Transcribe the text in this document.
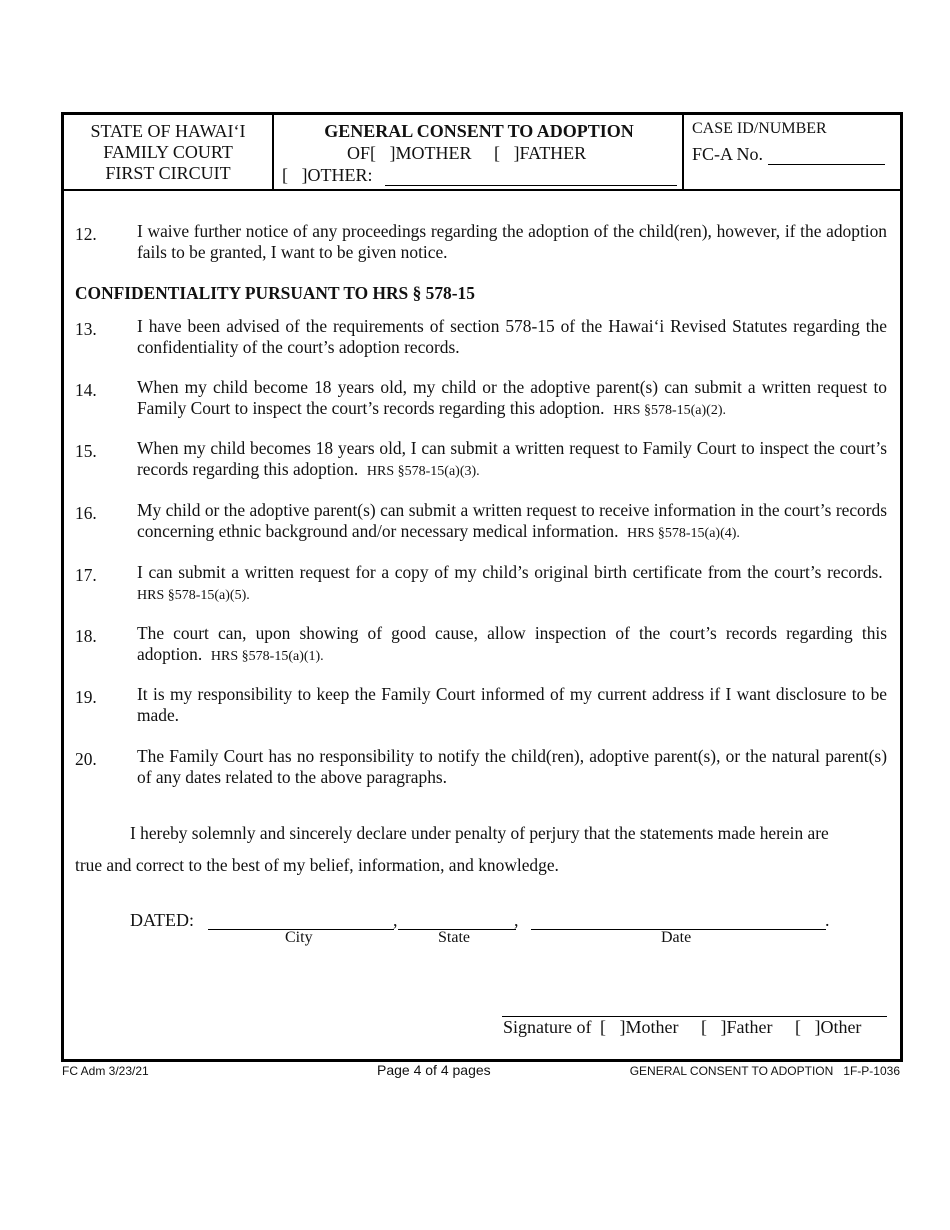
STATE OF HAWAI‘I
FAMILY COURT
FIRST CIRCUIT
GENERAL CONSENT TO ADOPTION
OF[ ]MOTHER [ ]FATHER
[ ]OTHER:
CASE ID/NUMBER
FC-A No.
12. I waive further notice of any proceedings regarding the adoption of the child(ren), however, if the adoption fails to be granted, I want to be given notice.
CONFIDENTIALITY PURSUANT TO HRS § 578-15
13. I have been advised of the requirements of section 578-15 of the Hawai‘i Revised Statutes regarding the confidentiality of the court’s adoption records.
14. When my child become 18 years old, my child or the adoptive parent(s) can submit a written request to Family Court to inspect the court’s records regarding this adoption. HRS §578-15(a)(2).
15. When my child becomes 18 years old, I can submit a written request to Family Court to inspect the court’s records regarding this adoption. HRS §578-15(a)(3).
16. My child or the adoptive parent(s) can submit a written request to receive information in the court’s records concerning ethnic background and/or necessary medical information. HRS §578-15(a)(4).
17. I can submit a written request for a copy of my child’s original birth certificate from the court’s records.  HRS §578-15(a)(5).
18. The court can, upon showing of good cause, allow inspection of the court’s records regarding this adoption. HRS §578-15(a)(1).
19. It is my responsibility to keep the Family Court informed of my current address if I want disclosure to be made.
20. The Family Court has no responsibility to notify the child(ren), adoptive parent(s), or the natural parent(s) of any dates related to the above paragraphs.
I hereby solemnly and sincerely declare under penalty of perjury that the statements made herein are
true and correct to the best of my belief, information, and knowledge.
DATED:	,	,	.
City	State	Date
Signature of [ ]Mother [ ]Father [ ]Other
FC Adm 3/23/21	Page 4 of 4 pages	GENERAL CONSENT TO ADOPTION   1F-P-1036
